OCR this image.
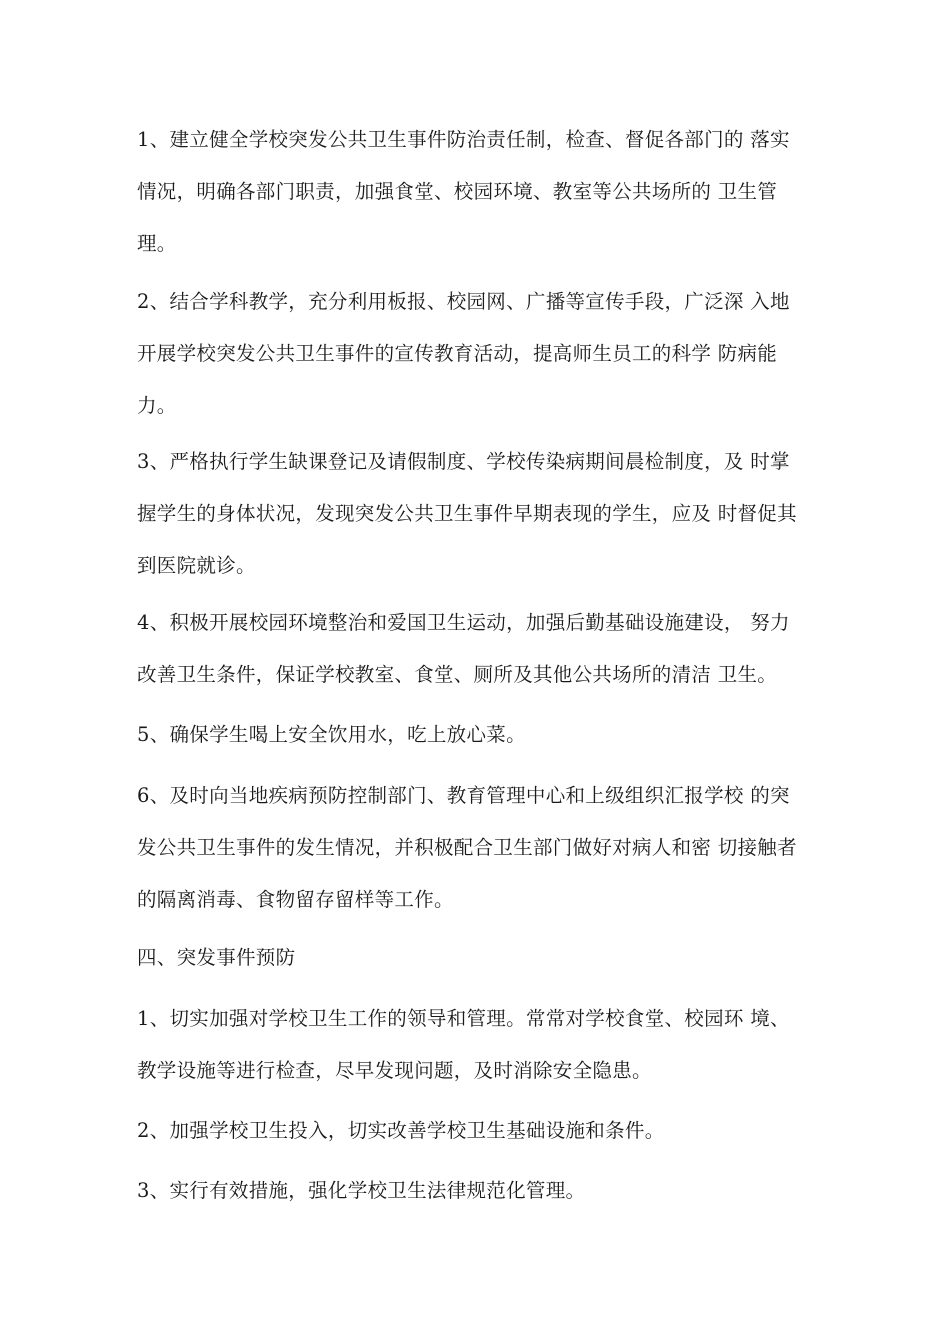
1、建立健全学校突发公共卫生事件防治责任制，检查、督促各部门的 落实
情况，明确各部门职责，加强食堂、校园环境、教室等公共场所的 卫生管
理。

2、结合学科教学，充分利用板报、校园网、广播等宣传手段，广泛深 入地
开展学校突发公共卫生事件的宣传教育活动，提高师生员工的科学 防病能
力。

3、严格执行学生缺课登记及请假制度、学校传染病期间晨检制度，及 时掌
握学生的身体状况，发现突发公共卫生事件早期表现的学生，应及 时督促其
到医院就诊。

4、积极开展校园环境整治和爱国卫生运动，加强后勤基础设施建设， 努力
改善卫生条件，保证学校教室、食堂、厕所及其他公共场所的清洁 卫生。

5、确保学生喝上安全饮用水，吃上放心菜。

6、及时向当地疾病预防控制部门、教育管理中心和上级组织汇报学校 的突
发公共卫生事件的发生情况，并积极配合卫生部门做好对病人和密 切接触者
的隔离消毒、食物留存留样等工作。

四、突发事件预防

1、切实加强对学校卫生工作的领导和管理。常常对学校食堂、校园环 境、
教学设施等进行检查，尽早发现问题，及时消除安全隐患。

2、加强学校卫生投入，切实改善学校卫生基础设施和条件。

3、实行有效措施，强化学校卫生法律规范化管理。
